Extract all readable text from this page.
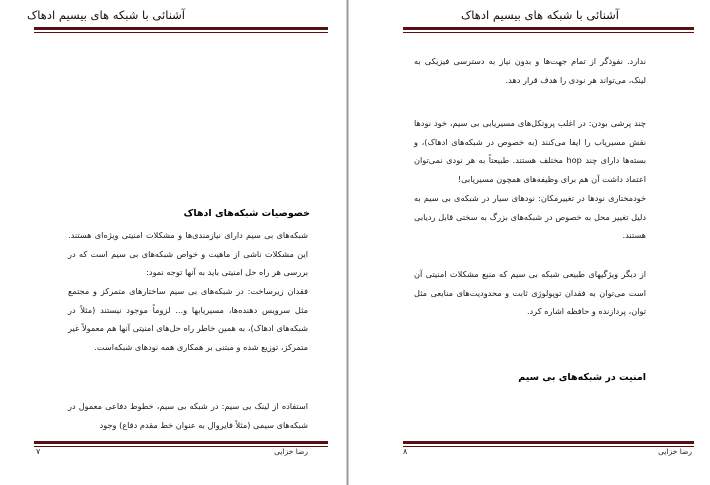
آشنائی با شبکه های بیسیم ادهاک

خصوصیات شبکه‌های ادهاک

شبکه‌های بی سیم دارای نیازمندی‌ها و مشکلات امنیتی ویژه‌ای هستند. این مشکلات ناشی از ماهیت و خواص شبکه‌های بی سیم است که در بررسی هر راه حل امنیتی باید به آنها توجه نمود:

فقدان زیرساخت: در شبکه‌های بی سیم ساختارهای متمرکز و مجتمع مثل سرویس دهنده‌ها، مسیریابها و... لزوماً موجود نیستند (مثلاً در شبکه‌های ادهاک)، به همین خاطر راه حل‌های امنیتی آنها هم معمولاً غیر متمرکز، توزیع شده و مبتنی بر همکاری همه نودهای شبکه‌است.

استفاده از لینک بی سیم: در شبکه بی سیم، خطوط دفاعی معمول در شبکه‌های سیمی (مثلاً فایروال به عنوان خط مقدم دفاع) وجود

رضا خزایی
۷
آشنائی با شبکه های بیسیم ادهاک

ندارد. نفوذگر از تمام جهت‌ها و بدون نیاز به دسترسی فیزیکی به لینک، می‌تواند هر نودی را هدف قرار دهد.

چند پرشی بودن: در اغلب پروتکل‌های مسیریابی بی سیم، خود نودها نقش مسیریاب را ایفا می‌کنند (به خصوص در شبکه‌های ادهاک)، و بسته‌ها دارای چند hop مختلف هستند. طبیعتاً به هر نودی نمی‌توان اعتماد داشت آن هم برای وظیفه‌های همچون مسیریابی!

خودمختاری نودها در تغییرمکان: نودهای سیار در شبکه‌ی بی سیم به دلیل تغییر محل به خصوص در شبکه‌های بزرگ به سختی قابل ردیابی هستند.

از دیگر ویژگیهای طبیعی شبکه بی سیم که منبع مشکلات امنیتی آن است می‌توان به فقدان توپولوژی ثابت و محدودیت‌های منابعی مثل توان، پردازنده و حافظه اشاره کرد.

امنیت در شبکه‌های بی سیم

رضا خزایی
۸
